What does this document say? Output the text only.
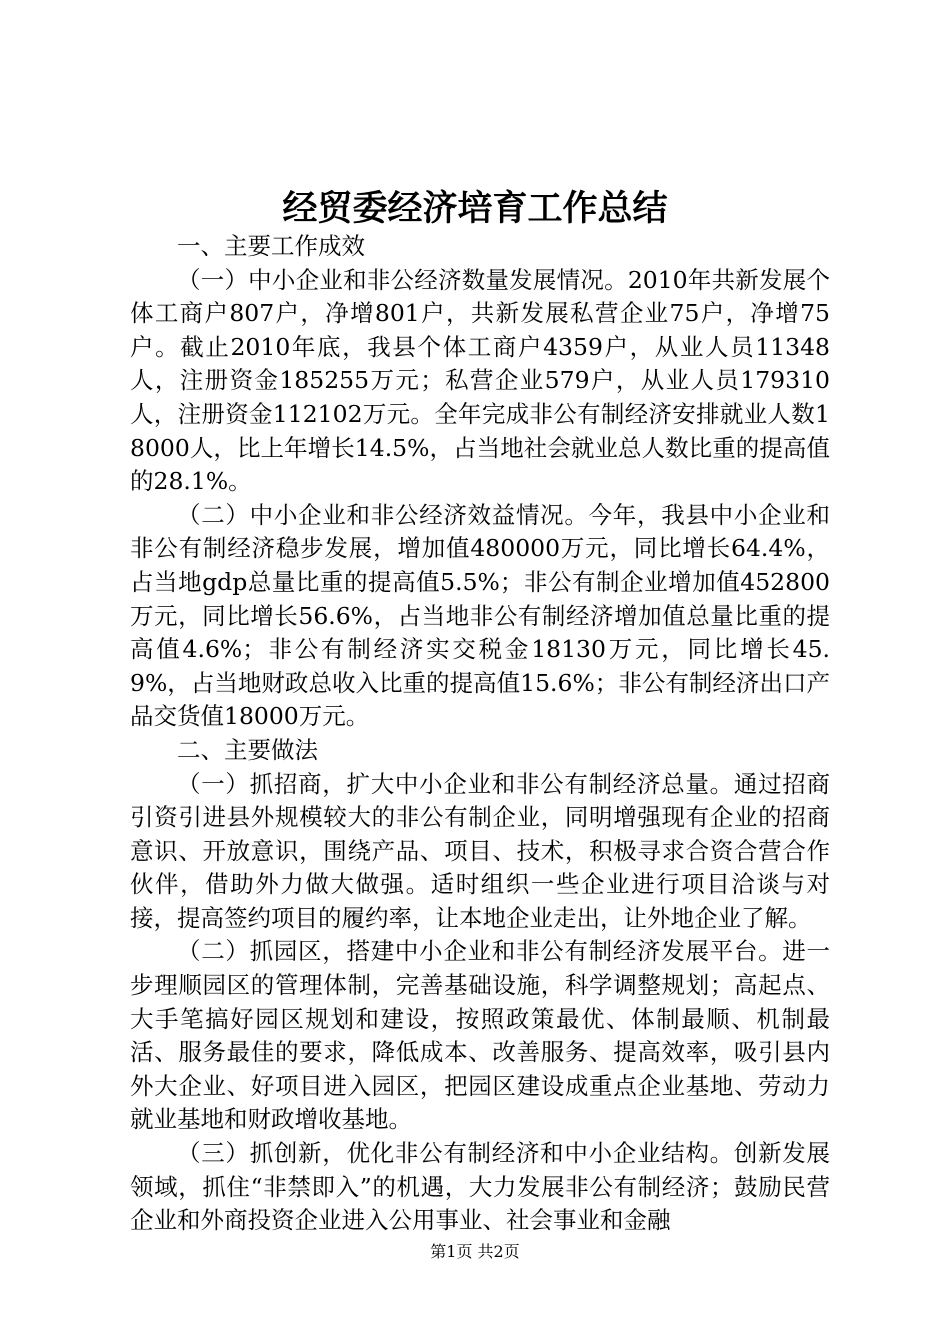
经贸委经济培育工作总结

一、主要工作成效

（一）中小企业和非公经济数量发展情况。2010年共新发展个体工商户807户，净增801户，共新发展私营企业75户，净增75户。截止2010年底，我县个体工商户4359户，从业人员11348人，注册资金185255万元；私营企业579户，从业人员179310人，注册资金112102万元。全年完成非公有制经济安排就业人数18000人，比上年增长14.5%，占当地社会就业总人数比重的提高值的28.1%。

（二）中小企业和非公经济效益情况。今年，我县中小企业和非公有制经济稳步发展，增加值480000万元，同比增长64.4%，占当地gdp总量比重的提高值5.5%；非公有制企业增加值452800万元，同比增长56.6%，占当地非公有制经济增加值总量比重的提高值4.6%；非公有制经济实交税金18130万元，同比增长45.9%，占当地财政总收入比重的提高值15.6%；非公有制经济出口产品交货值18000万元。

二、主要做法

（一）抓招商，扩大中小企业和非公有制经济总量。通过招商引资引进县外规模较大的非公有制企业，同明增强现有企业的招商意识、开放意识，围绕产品、项目、技术，积极寻求合资合营合作伙伴，借助外力做大做强。适时组织一些企业进行项目洽谈与对接，提高签约项目的履约率，让本地企业走出，让外地企业了解。

（二）抓园区，搭建中小企业和非公有制经济发展平台。进一步理顺园区的管理体制，完善基础设施，科学调整规划；高起点、大手笔搞好园区规划和建设，按照政策最优、体制最顺、机制最活、服务最佳的要求，降低成本、改善服务、提高效率，吸引县内外大企业、好项目进入园区，把园区建设成重点企业基地、劳动力就业基地和财政增收基地。

（三）抓创新，优化非公有制经济和中小企业结构。创新发展领域，抓住“非禁即入”的机遇，大力发展非公有制经济；鼓励民营企业和外商投资企业进入公用事业、社会事业和金融

第1页 共2页
